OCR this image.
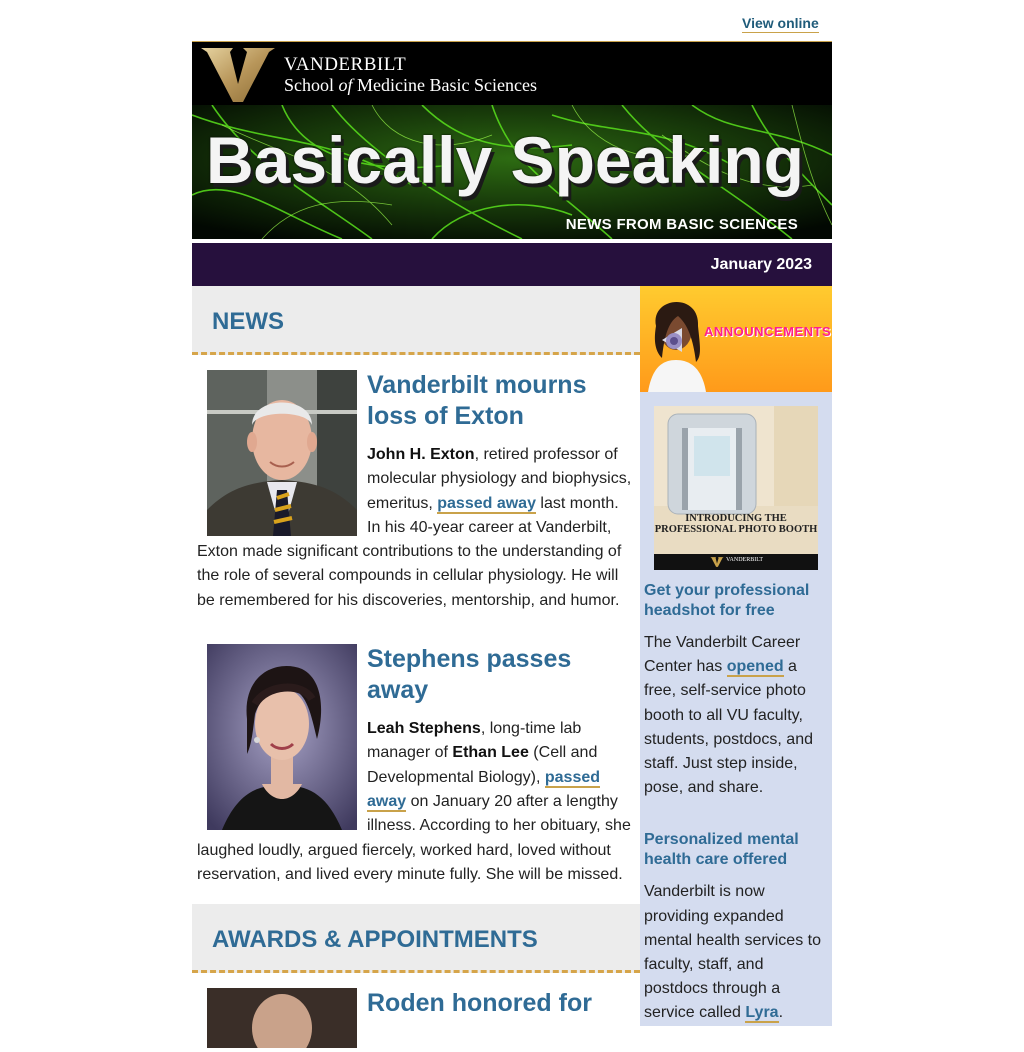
View online
VANDERBILT
School of Medicine Basic Sciences
Basically Speaking
NEWS FROM BASIC SCIENCES
January 2023
NEWS
Vanderbilt mourns loss of Exton

John H. Exton, retired professor of molecular physiology and biophysics, emeritus, passed away last month. In his 40-year career at Vanderbilt, Exton made significant contributions to the understanding of the role of several compounds in cellular physiology. He will be remembered for his discoveries, mentorship, and humor.

Stephens passes away

Leah Stephens, long-time lab manager of Ethan Lee (Cell and Developmental Biology), passed away on January 20 after a lengthy illness. According to her obituary, she laughed loudly, argued fiercely, worked hard, loved without reservation, and lived every minute fully. She will be missed.

AWARDS & APPOINTMENTS
Roden honored for
ANNOUNCEMENTS
INTRODUCING THE PROFESSIONAL PHOTO BOOTH
VANDERBILT
Get your professional headshot for free

The Vanderbilt Career Center has opened a free, self-service photo booth to all VU faculty, students, postdocs, and staff. Just step inside, pose, and share.

Personalized mental health care offered

Vanderbilt is now providing expanded mental health services to faculty, staff, and postdocs through a service called Lyra.
